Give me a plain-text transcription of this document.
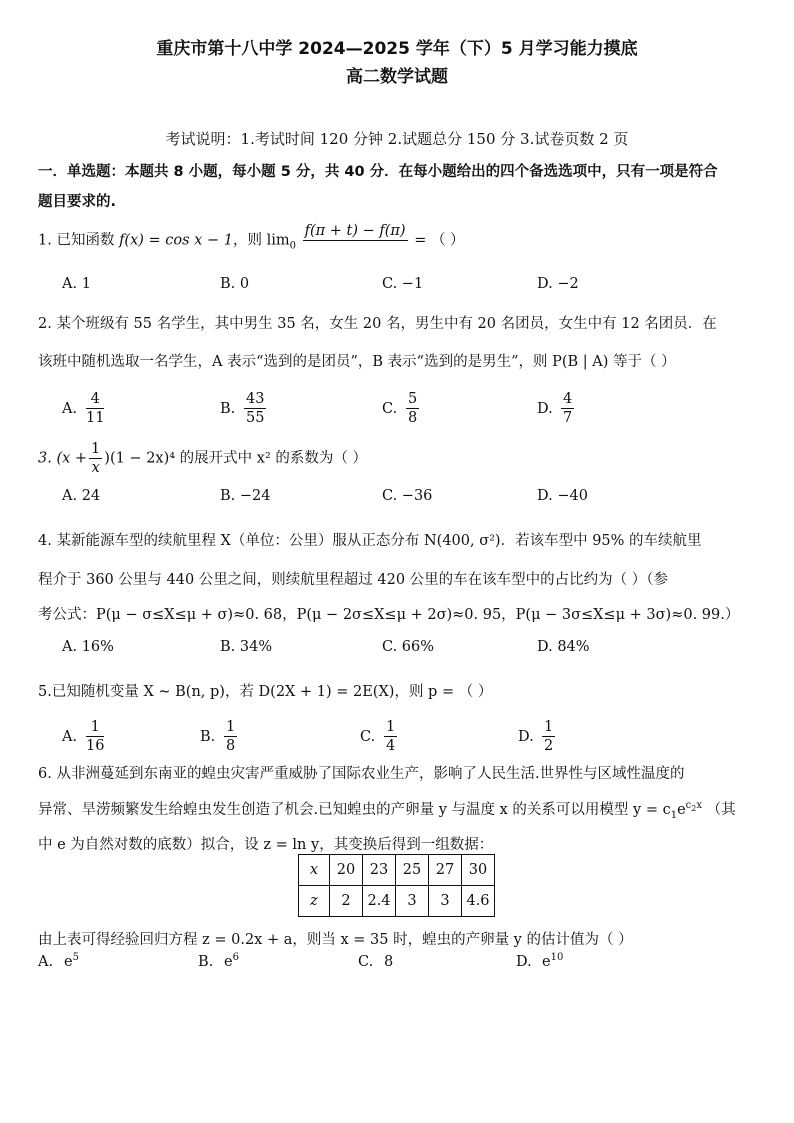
重庆市第十八中学 2024—2025 学年（下）5 月学习能力摸底
高二数学试题
考试说明：1.考试时间 120 分钟 2.试题总分 150 分 3.试卷页数 2 页
一．单选题：本题共 8 小题，每小题 5 分，共 40 分．在每小题给出的四个备选选项中，只有一项是符合
题目要求的.
1. 已知函数 f(x) = cos x − 1，则 $\lim_0$
f(π + t) − f(π)

= （ ）
A. 1	B. 0	C. −1	D. −2
2. 某个班级有 55 名学生，其中男生 35 名，女生 20 名，男生中有 20 名团员，女生中有 12 名团员．在
该班中随机选取一名学生，A 表示“选到的是团员”，B 表示“选到的是男生”，则 P(B | A) 等于（ ）
A. $\frac{4}{11}$	B. $\frac{43}{55}$	C. $\frac{5}{8}$	D. $\frac{4}{7}$
3. $(x + \frac{1}{x} )(1 - 2x)^4$ 的展开式中 x² 的系数为（ ）
A. 24	B. −24	C. −36	D. −40
4. 某新能源车型的续航里程 X（单位：公里）服从正态分布 N(400, σ²)．若该车型中 95% 的车续航里
程介于 360 公里与 440 公里之间，则续航里程超过 420 公里的车在该车型中的占比约为（ ）（参
考公式：P(μ − σ≤X≤μ + σ)≈0. 68，P(μ − 2σ≤X≤μ + 2σ)≈0. 95，P(μ − 3σ≤X≤μ + 3σ)≈0. 99.）
A. 16%	B. 34%	C. 66%	D. 84%
5.已知随机变量 X ~ B(n, p)，若 D(2X + 1) = 2E(X)，则 p = （ ）
A. $\frac{1}{16}$	B. $\frac{1}{8}$	C. $\frac{1}{4}$	D. $\frac{1}{2}$
6. 从非洲蔓延到东南亚的蝗虫灾害严重威胁了国际农业生产，影响了人民生活.世界性与区域性温度的
异常、旱涝频繁发生给蝗虫发生创造了机会.已知蝗虫的产卵量 y 与温度 x 的关系可以用模型 $y = c_1e^{c_2x}$ （其
中 e 为自然对数的底数）拟合，设 z = ln y，其变换后得到一组数据：
x	20	23	25	27	30
z	2	2.4	3	3	4.6
由上表可得经验回归方程 z = 0.2x + a，则当 x = 35 时，蝗虫的产卵量 y 的估计值为（ ）
A. $e^5$	B. $e^6$	C. 8	D. $e^{10}$
